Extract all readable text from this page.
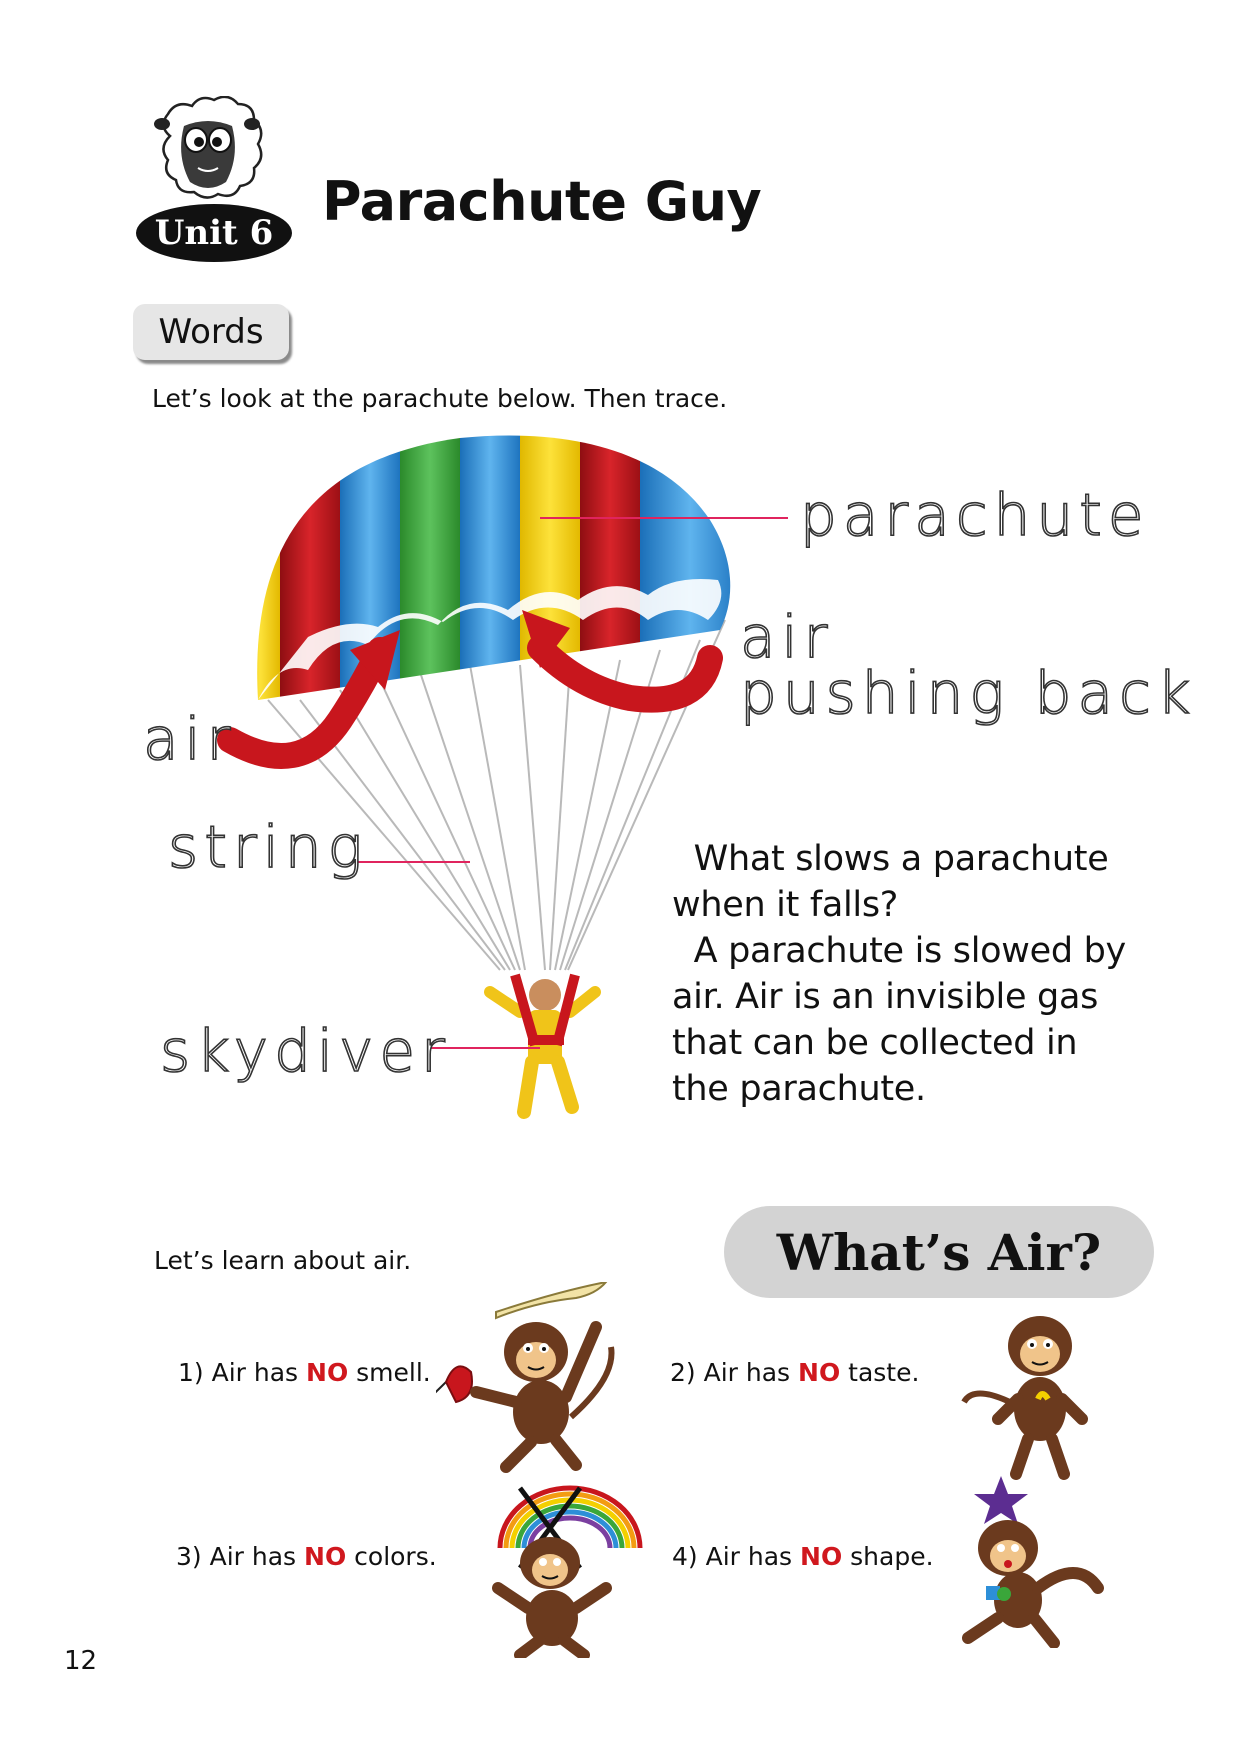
Unit 6 Parachute Guy
Words
Let’s look at the parachute below. Then trace.
parachute
air
pushing back
air
string
skydiver

What slows a parachute when it falls?

A parachute is slowed by air. Air is an invisible gas that can be collected in the parachute.

Let’s learn about air.	What’s Air?
1) Air has NO smell.	2) Air has NO taste.
3) Air has NO colors.	4) Air has NO shape.
12
